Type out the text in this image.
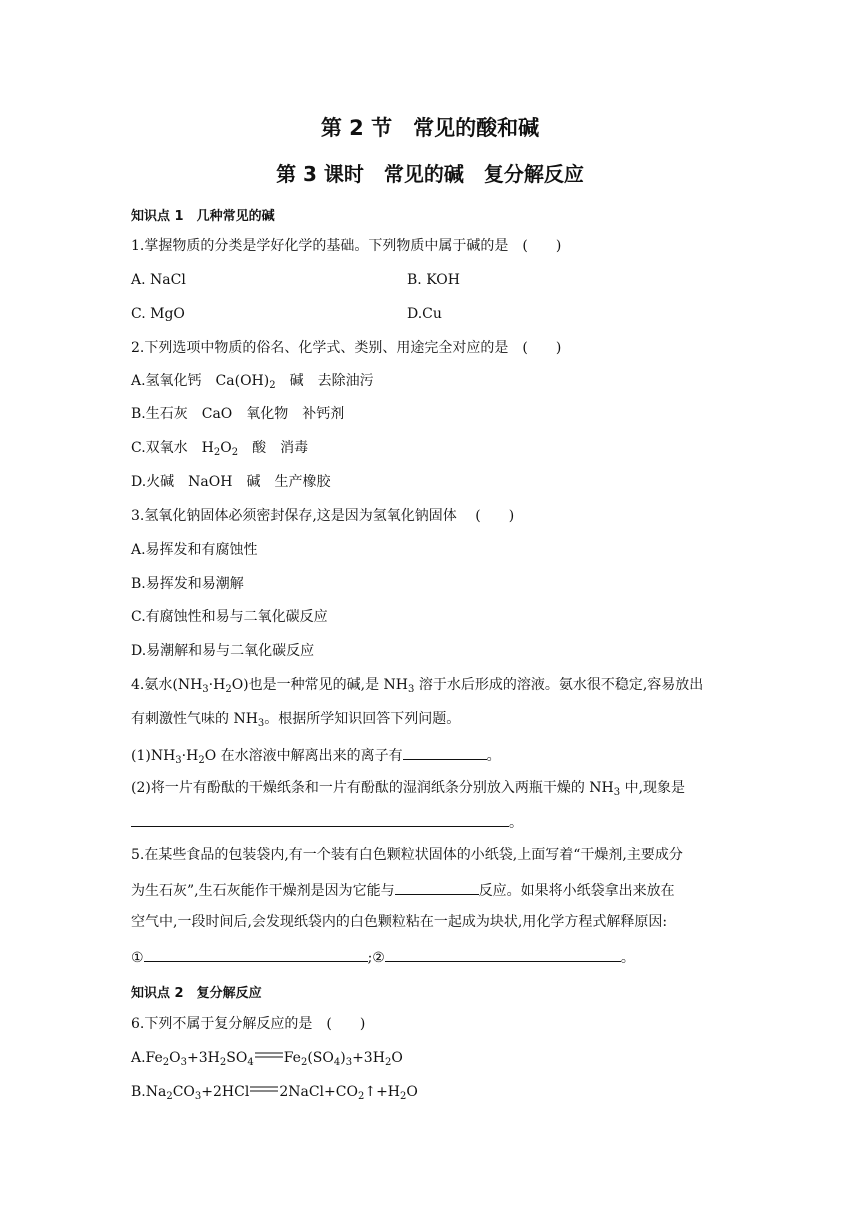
第 2 节　常见的酸和碱
第 3 课时　常见的碱　复分解反应
知识点 1　几种常见的碱
1.掌握物质的分类是学好化学的基础。下列物质中属于碱的是　(　　)
A. NaCl	B. KOH
C. MgO	D.Cu
2.下列选项中物质的俗名、化学式、类别、用途完全对应的是　(　　)
A.氢氧化钙　$Ca(OH)_2$　碱　去除油污
B.生石灰　CaO　氧化物　补钙剂
C.双氧水　$H_2O_2$　酸　消毒
D.火碱　NaOH　碱　生产橡胶
3.氢氧化钠固体必须密封保存,这是因为氢氧化钠固体　 (　　)
A.易挥发和有腐蚀性
B.易挥发和易潮解
C.有腐蚀性和易与二氧化碳反应
D.易潮解和易与二氧化碳反应
4.氨水$(NH_3\cdot H_2O)$也是一种常见的碱,是 $NH_3$ 溶于水后形成的溶液。氨水很不稳定,容易放出
有刺激性气味的 $NH_3$。根据所学知识回答下列问题。
$(1)NH_3\cdot H_2O$ 在水溶液中解离出来的离子有	。
(2)将一片有酚酞的干燥纸条和一片有酚酞的湿润纸条分别放入两瓶干燥的 $NH_3$ 中,现象是
。
5.在某些食品的包装袋内,有一个装有白色颗粒状固体的小纸袋,上面写着“干燥剂,主要成分
为生石灰”,生石灰能作干燥剂是因为它能与	反应。如果将小纸袋拿出来放在
空气中,一段时间后,会发现纸袋内的白色颗粒粘在一起成为块状,用化学方程式解释原因:
①	;②	。
知识点 2　复分解反应
6.下列不属于复分解反应的是　(　　)
$A.Fe_2O_3+3H_2SO_4$ $Fe_2(SO_4)_3+3H_2O$
$B.Na_2CO_3+2HCl$ $2NaCl+CO_2↑+H_2O$
